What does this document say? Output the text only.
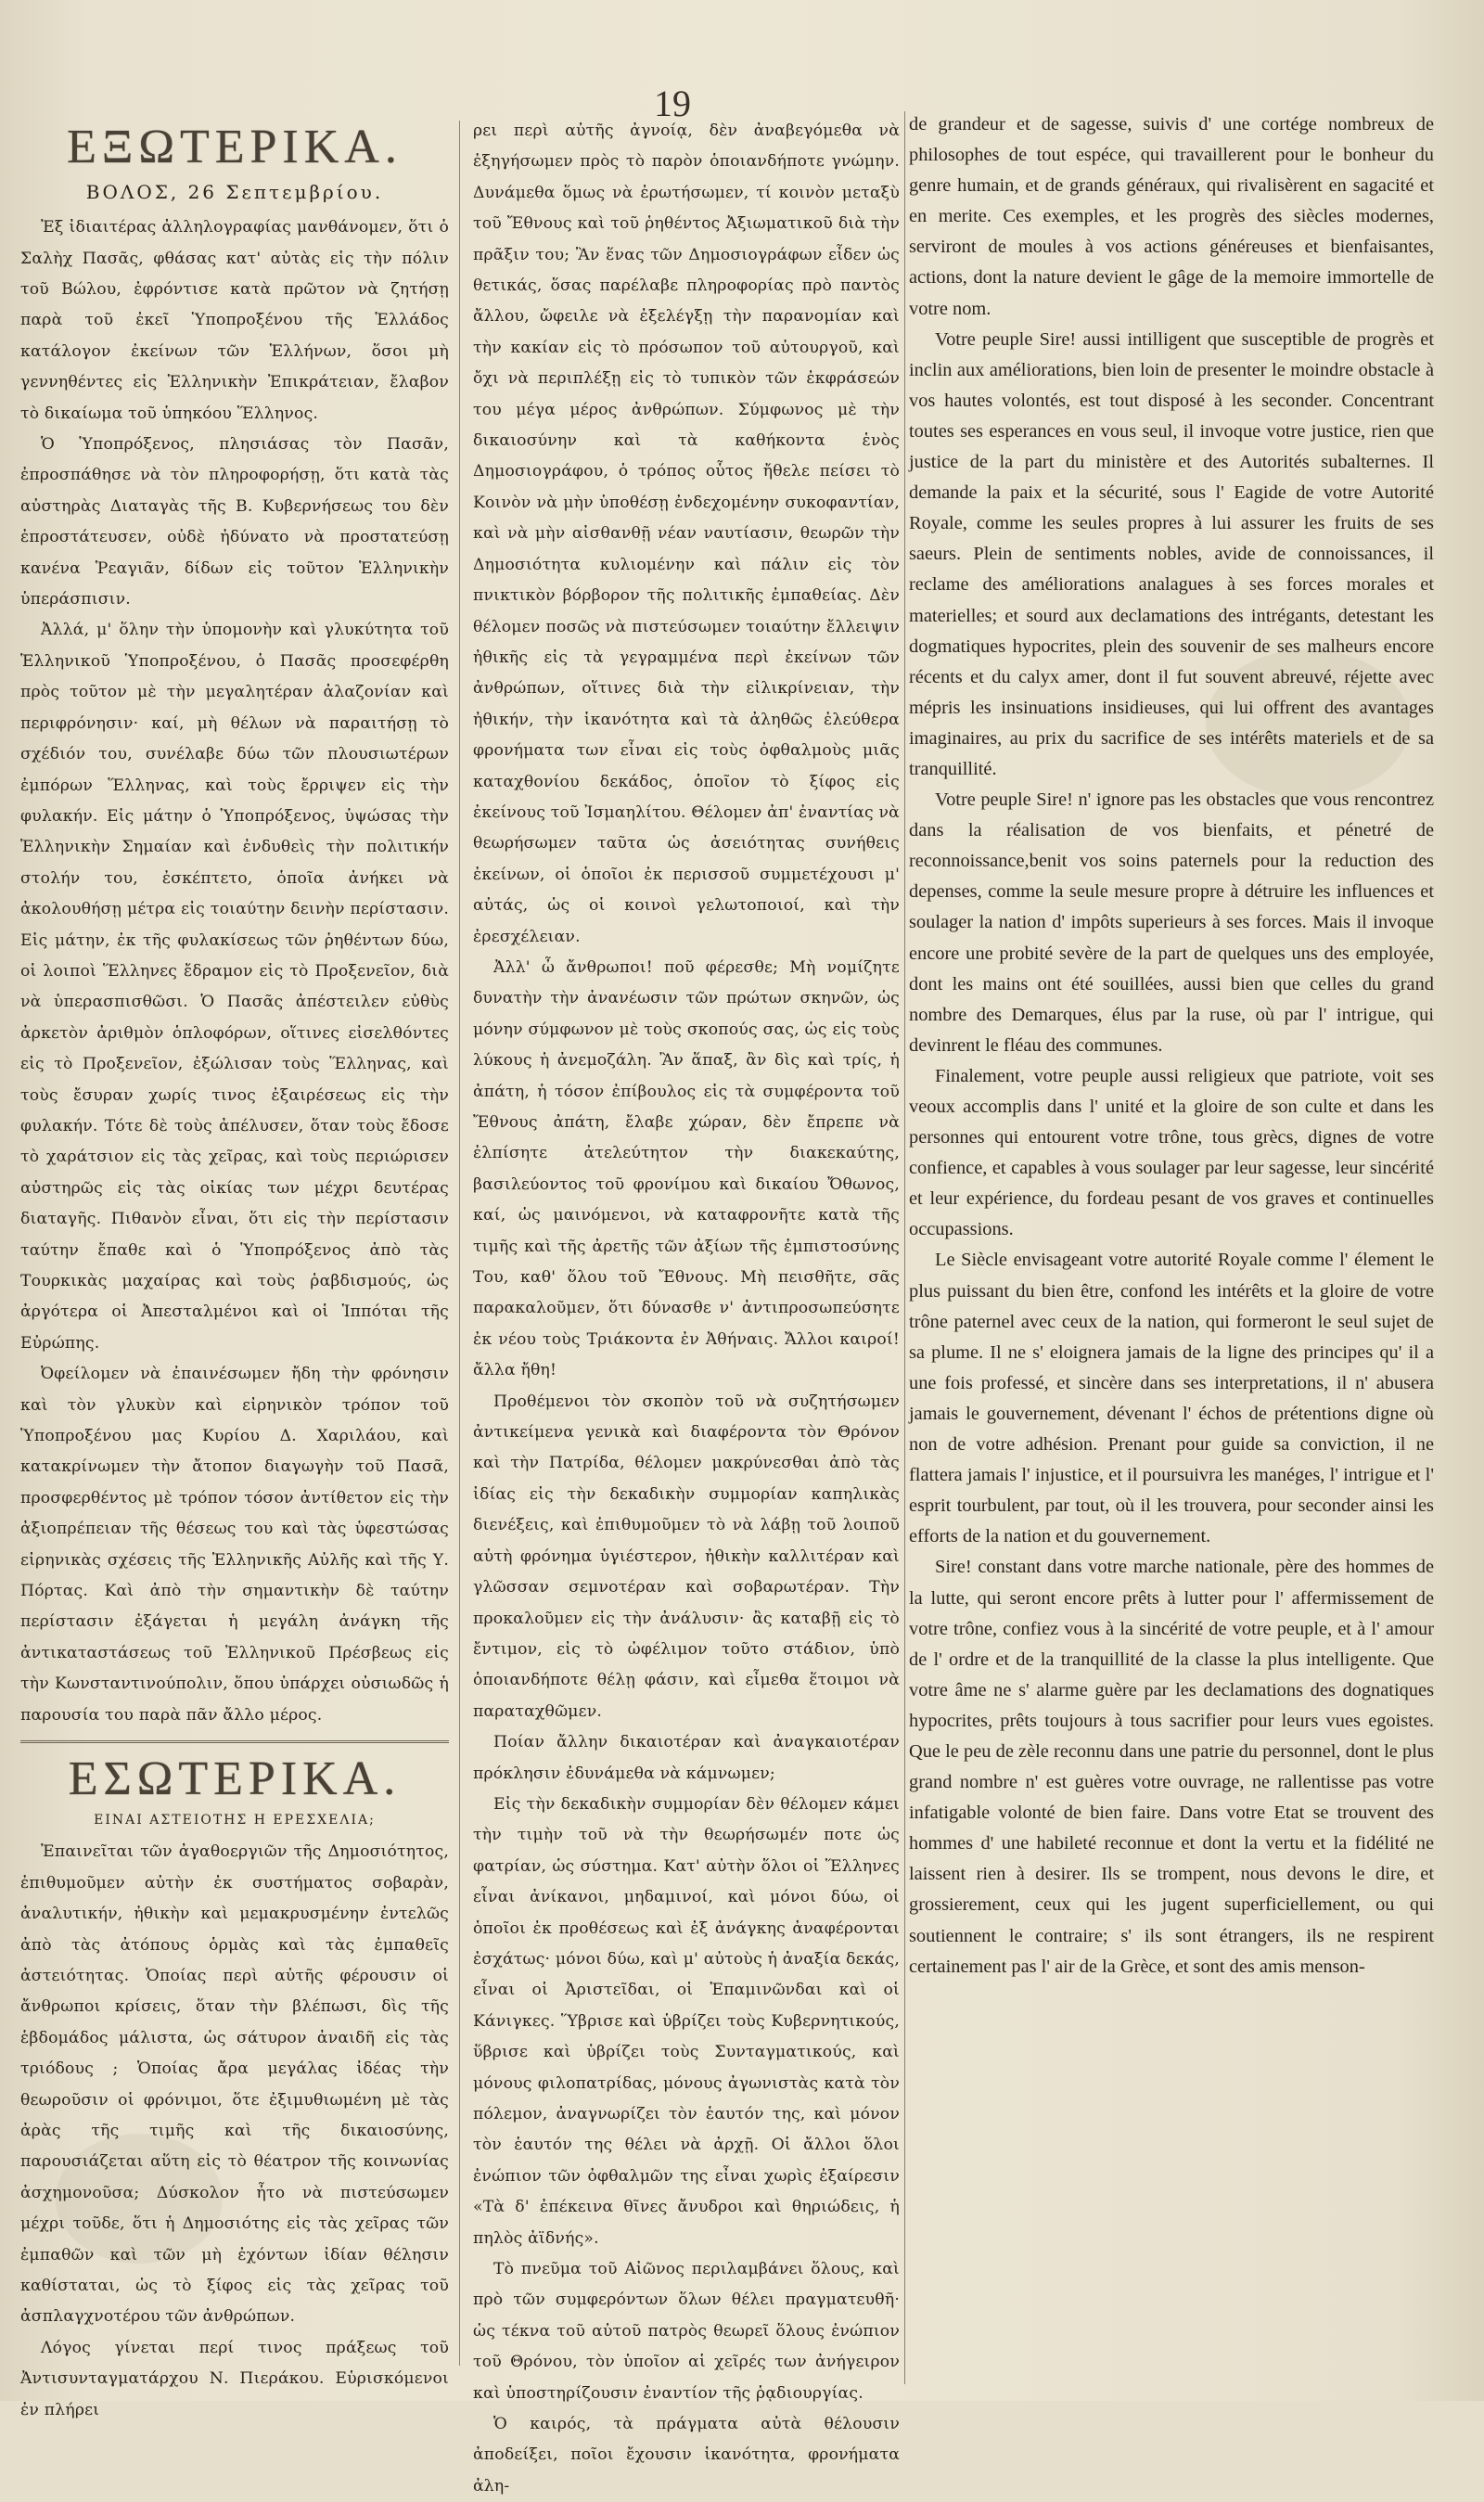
19
ΕΞΩΤΕΡΙΚΑ.
ΒΟΛΟΣ, 26 Σεπτεμβρίου.

Ἐξ ἰδιαιτέρας ἀλληλογραφίας μανθάνομεν, ὅτι ὁ Σαλὴχ Πασᾶς, φθάσας κατ' αὐτὰς εἰς τὴν πόλιν τοῦ Βώλου, ἐφρόντισε κατὰ πρῶτον νὰ ζητήσῃ παρὰ τοῦ ἐκεῖ Ὑποπροξένου τῆς Ἑλλάδος κατάλογον ἐκείνων τῶν Ἑλλήνων, ὅσοι μὴ γεννηθέντες εἰς Ἑλληνικὴν Ἐπικράτειαν, ἔλαβον τὸ δικαίωμα τοῦ ὑπηκόου Ἕλληνος.

Ὁ Ὑποπρόξενος, πλησιάσας τὸν Πασᾶν, ἐπροσπάθησε νὰ τὸν πληροφορήσῃ, ὅτι κατὰ τὰς αὐστηρὰς Διαταγὰς τῆς Β. Κυβερνήσεως του δὲν ἐπροστάτευσεν, οὐδὲ ἠδύνατο νὰ προστατεύσῃ κανένα Ῥεαγιᾶν, δίδων εἰς τοῦτον Ἑλληνικὴν ὑπεράσπισιν.

Ἀλλά, μ' ὅλην τὴν ὑπομονὴν καὶ γλυκύτητα τοῦ Ἑλληνικοῦ Ὑποπροξένου, ὁ Πασᾶς προσεφέρθη πρὸς τοῦτον μὲ τὴν μεγαλητέραν ἀλαζονίαν καὶ περιφρόνησιν· καί, μὴ θέλων νὰ παραιτήσῃ τὸ σχέδιόν του, συνέλαβε δύω τῶν πλουσιωτέρων ἐμπόρων Ἕλληνας, καὶ τοὺς ἔρριψεν εἰς τὴν φυλακήν. Εἰς μάτην ὁ Ὑποπρόξενος, ὑψώσας τὴν Ἑλληνικὴν Σημαίαν καὶ ἐνδυθεὶς τὴν πολιτικήν στολήν του, ἐσκέπτετο, ὁποῖα ἀνήκει νὰ ἀκολουθήσῃ μέτρα εἰς τοιαύτην δεινὴν περίστασιν. Εἰς μάτην, ἐκ τῆς φυλακίσεως τῶν ῥηθέντων δύω, οἱ λοιποὶ Ἕλληνες ἔδραμον εἰς τὸ Προξενεῖον, διὰ νὰ ὑπερασπισθῶσι. Ὁ Πασᾶς ἀπέστειλεν εὐθὺς ἀρκετὸν ἀριθμὸν ὁπλοφόρων, οἵτινες εἰσελθόντες εἰς τὸ Προξενεῖον, ἐξώλισαν τοὺς Ἕλληνας, καὶ τοὺς ἔσυραν χωρίς τινος ἐξαιρέσεως εἰς τὴν φυλακήν. Τότε δὲ τοὺς ἀπέλυσεν, ὅταν τοὺς ἔδοσε τὸ χαράτσιον εἰς τὰς χεῖρας, καὶ τοὺς περιώρισεν αὐστηρῶς εἰς τὰς οἰκίας των μέχρι δευτέρας διαταγῆς. Πιθανὸν εἶναι, ὅτι εἰς τὴν περίστασιν ταύτην ἔπαθε καὶ ὁ Ὑποπρόξενος ἀπὸ τὰς Τουρκικὰς μαχαίρας καὶ τοὺς ῥαβδισμούς, ὡς ἀργότερα οἱ Ἀπεσταλμένοι καὶ οἱ Ἱππόται τῆς Εὐρώπης.

Ὀφείλομεν νὰ ἐπαινέσωμεν ἤδη τὴν φρόνησιν καὶ τὸν γλυκὺν καὶ εἰρηνικὸν τρόπον τοῦ Ὑποπροξένου μας Κυρίου Δ. Χαριλάου, καὶ κατακρίνωμεν τὴν ἄτοπον διαγωγὴν τοῦ Πασᾶ, προσφερθέντος μὲ τρόπον τόσον ἀντίθετον εἰς τὴν ἀξιοπρέπειαν τῆς θέσεως του καὶ τὰς ὑφεστώσας εἰρηνικὰς σχέσεις τῆς Ἑλληνικῆς Αὐλῆς καὶ τῆς Υ. Πόρτας. Καὶ ἀπὸ τὴν σημαντικὴν δὲ ταύτην περίστασιν ἐξάγεται ἡ μεγάλη ἀνάγκη τῆς ἀντικαταστάσεως τοῦ Ἑλληνικοῦ Πρέσβεως εἰς τὴν Κωνσταντινούπολιν, ὅπου ὑπάρχει οὐσιωδῶς ἡ παρουσία του παρὰ πᾶν ἄλλο μέρος.

ΕΣΩΤΕΡΙΚΑ.
ΕΙΝΑΙ ΑΣΤΕΙΟΤΗΣ Η ΕΡΕΣΧΕΛΙΑ;

Ἐπαινεῖται τῶν ἀγαθοεργιῶν τῆς Δημοσιότητος, ἐπιθυμοῦμεν αὐτὴν ἐκ συστήματος σοβαρὰν, ἀναλυτικήν, ἠθικὴν καὶ μεμακρυσμένην ἐντελῶς ἀπὸ τὰς ἀτόπους ὁρμὰς καὶ τὰς ἐμπαθεῖς ἀστειότητας. Ὁποίας περὶ αὐτῆς φέρουσιν οἱ ἄνθρωποι κρίσεις, ὅταν τὴν βλέπωσι, δὶς τῆς ἑβδομάδος μάλιστα, ὡς σάτυρον ἀναιδῆ εἰς τὰς τριόδους ; Ὁποίας ἄρα μεγάλας ἰδέας τὴν θεωροῦσιν οἱ φρόνιμοι, ὅτε ἐξιμυθιωμένη μὲ τὰς ἀρὰς τῆς τιμῆς καὶ τῆς δικαιοσύνης, παρουσιάζεται αὕτη εἰς τὸ θέατρον τῆς κοινωνίας ἀσχημονοῦσα; Δύσκολον ἦτο νὰ πιστεύσωμεν μέχρι τοῦδε, ὅτι ἡ Δημοσιότης εἰς τὰς χεῖρας τῶν ἐμπαθῶν καὶ τῶν μὴ ἐχόντων ἰδίαν θέλησιν καθίσταται, ὡς τὸ ξίφος εἰς τὰς χεῖρας τοῦ ἀσπλαγχνοτέρου τῶν ἀνθρώπων.

Λόγος γίνεται περί τινος πράξεως τοῦ Ἀντισυνταγματάρχου Ν. Πιεράκου. Εὑρισκόμενοι ἐν πλήρει

ρει περὶ αὐτῆς ἀγνοίᾳ, δὲν ἀναβεγόμεθα νὰ ἐξηγήσωμεν πρὸς τὸ παρὸν ὁποιανδήποτε γνώμην. Δυνάμεθα ὅμως νὰ ἐρωτήσωμεν, τί κοινὸν μεταξὺ τοῦ Ἔθνους καὶ τοῦ ῥηθέντος Ἀξιωματικοῦ διὰ τὴν πρᾶξιν του; Ἂν ἕνας τῶν Δημοσιογράφων εἶδεν ὡς θετικάς, ὅσας παρέλαβε πληροφορίας πρὸ παντὸς ἄλλου, ὤφειλε νὰ ἐξελέγξῃ τὴν παρανομίαν καὶ τὴν κακίαν εἰς τὸ πρόσωπον τοῦ αὐτουργοῦ, καὶ ὄχι νὰ περιπλέξῃ εἰς τὸ τυπικὸν τῶν ἐκφράσεών του μέγα μέρος ἀνθρώπων. Σύμφωνος μὲ τὴν δικαιοσύνην καὶ τὰ καθήκοντα ἑνὸς Δημοσιογράφου, ὁ τρόπος οὗτος ἤθελε πείσει τὸ Κοινὸν νὰ μὴν ὑποθέσῃ ἐνδεχομένην συκοφαντίαν, καὶ νὰ μὴν αἰσθανθῇ νέαν ναυτίασιν, θεωρῶν τὴν Δημοσιότητα κυλιομένην καὶ πάλιν εἰς τὸν πνικτικὸν βόρβορον τῆς πολιτικῆς ἐμπαθείας. Δὲν θέλομεν ποσῶς νὰ πιστεύσωμεν τοιαύτην ἔλλειψιν ἠθικῆς εἰς τὰ γεγραμμένα περὶ ἐκείνων τῶν ἀνθρώπων, οἵτινες διὰ τὴν εἰλικρίνειαν, τὴν ἠθικήν, τὴν ἱκανότητα καὶ τὰ ἀληθῶς ἐλεύθερα φρονήματα των εἶναι εἰς τοὺς ὀφθαλμοὺς μιᾶς καταχθονίου δεκάδος, ὁποῖον τὸ ξίφος εἰς ἐκείνους τοῦ Ἰσμαηλίτου. Θέλομεν ἀπ' ἐναντίας νὰ θεωρήσωμεν ταῦτα ὡς ἀσειότητας συνήθεις ἐκείνων, οἱ ὁποῖοι ἐκ περισσοῦ συμμετέχουσι μ' αὐτάς, ὡς οἱ κοινοὶ γελωτοποιοί, καὶ τὴν ἐρεσχέλειαν.

Ἀλλ' ὦ ἄνθρωποι! ποῦ φέρεσθε; Μὴ νομίζητε δυνατὴν τὴν ἀνανέωσιν τῶν πρώτων σκηνῶν, ὡς μόνην σύμφωνον μὲ τοὺς σκοπούς σας, ὡς εἰς τοὺς λύκους ἡ ἀνεμοζάλη. Ἂν ἅπαξ, ἂν δὶς καὶ τρίς, ἡ ἀπάτη, ἡ τόσον ἐπίβουλος εἰς τὰ συμφέροντα τοῦ Ἔθνους ἀπάτη, ἔλαβε χώραν, δὲν ἔπρεπε νὰ ἐλπίσητε ἀτελεύτητον τὴν διακεκαύτης, βασιλεύοντος τοῦ φρονίμου καὶ δικαίου Ὄθωνος, καί, ὡς μαινόμενοι, νὰ καταφρονῆτε κατὰ τῆς τιμῆς καὶ τῆς ἀρετῆς τῶν ἀξίων τῆς ἐμπιστοσύνης Του, καθ' ὅλου τοῦ Ἔθνους. Μὴ πεισθῆτε, σᾶς παρακαλοῦμεν, ὅτι δύνασθε ν' ἀντιπροσωπεύσητε ἐκ νέου τοὺς Τριάκοντα ἐν Ἀθήναις. Ἄλλοι καιροί! ἄλλα ἤθη!

Προθέμενοι τὸν σκοπὸν τοῦ νὰ συζητήσωμεν ἀντικείμενα γενικὰ καὶ διαφέροντα τὸν Θρόνον καὶ τὴν Πατρίδα, θέλομεν μακρύνεσθαι ἀπὸ τὰς ἰδίας εἰς τὴν δεκαδικὴν συμμορίαν καπηλικὰς διενέξεις, καὶ ἐπιθυμοῦμεν τὸ νὰ λάβῃ τοῦ λοιποῦ αὐτὴ φρόνημα ὑγιέστερον, ἠθικὴν καλλιτέραν καὶ γλῶσσαν σεμνοτέραν καὶ σοβαρωτέραν. Τὴν προκαλοῦμεν εἰς τὴν ἀνάλυσιν· ἂς καταβῇ εἰς τὸ ἔντιμον, εἰς τὸ ὠφέλιμον τοῦτο στάδιον, ὑπὸ ὁποιανδήποτε θέλῃ φάσιν, καὶ εἶμεθα ἕτοιμοι νὰ παραταχθῶμεν.

Ποίαν ἄλλην δικαιοτέραν καὶ ἀναγκαιοτέραν πρόκλησιν ἐδυνάμεθα νὰ κάμνωμεν;

Εἰς τὴν δεκαδικὴν συμμορίαν δὲν θέλομεν κάμει τὴν τιμὴν τοῦ νὰ τὴν θεωρήσωμέν ποτε ὡς φατρίαν, ὡς σύστημα. Κατ' αὐτὴν ὅλοι οἱ Ἕλληνες εἶναι ἀνίκανοι, μηδαμινοί, καὶ μόνοι δύω, οἱ ὁποῖοι ἐκ προθέσεως καὶ ἐξ ἀνάγκης ἀναφέρονται ἐσχάτως· μόνοι δύω, καὶ μ' αὐτοὺς ἡ ἀναξία δεκάς, εἶναι οἱ Ἀριστεῖδαι, οἱ Ἐπαμινῶνδαι καὶ οἱ Κάνιγκες. Ὕβρισε καὶ ὑβρίζει τοὺς Κυβερνητικούς, ὕβρισε καὶ ὑβρίζει τοὺς Συνταγματικούς, καὶ μόνους φιλοπατρίδας, μόνους ἀγωνιστὰς κατὰ τὸν πόλεμον, ἀναγνωρίζει τὸν ἑαυτόν της, καὶ μόνον τὸν ἑαυτόν της θέλει νὰ ἀρχῇ. Οἱ ἄλλοι ὅλοι ἐνώπιον τῶν ὀφθαλμῶν της εἶναι χωρὶς ἐξαίρεσιν «Τὰ δ' ἐπέκεινα θῖνες ἄνυδροι καὶ θηριώδεις, ἡ πηλὸς ἀϊδνής».

Τὸ πνεῦμα τοῦ Αἰῶνος περιλαμβάνει ὅλους, καὶ πρὸ τῶν συμφερόντων ὅλων θέλει πραγματευθῆ· ὡς τέκνα τοῦ αὐτοῦ πατρὸς θεωρεῖ ὅλους ἐνώπιον τοῦ Θρόνου, τὸν ὑποῖον αἱ χεῖρές των ἀνήγειρον καὶ ὑποστηρίζουσιν ἐναντίον τῆς ῥᾳδιουργίας.

Ὁ καιρός, τὰ πράγματα αὐτὰ θέλουσιν ἀποδείξει, ποῖοι ἔχουσιν ἱκανότητα, φρονήματα ἀλη-

de grandeur et de sagesse, suivis d' une cortége nombreux de philosophes de tout espéce, qui travaillerent pour le bonheur du genre humain, et de grands généraux, qui rivalisèrent en sagacité et en merite. Ces exemples, et les progrès des siècles modernes, serviront de moules à vos actions généreuses et bienfaisantes, actions, dont la nature devient le gâge de la memoire immortelle de votre nom.

Votre peuple Sire! aussi intilligent que susceptible de progrès et inclin aux améliorations, bien loin de presenter le moindre obstacle à vos hautes volontés, est tout disposé à les seconder. Concentrant toutes ses esperances en vous seul, il invoque votre justice, rien que justice de la part du ministère et des Autorités subalternes. Il demande la paix et la sécurité, sous l' Eagide de votre Autorité Royale, comme les seules propres à lui assurer les fruits de ses saeurs. Plein de sentiments nobles, avide de connoissances, il reclame des améliorations analagues à ses forces morales et materielles; et sourd aux declamations des intrégants, detestant les dogmatiques hypocrites, plein des souvenir de ses malheurs encore récents et du calyx amer, dont il fut souvent abreuvé, réjette avec mépris les insinuations insidieuses, qui lui offrent des avantages imaginaires, au prix du sacrifice de ses intérêts materiels et de sa tranquillité.

Votre peuple Sire! n' ignore pas les obstacles que vous rencontrez dans la réalisation de vos bienfaits, et pénetré de reconnoissance,benit vos soins paternels pour la reduction des depenses, comme la seule mesure propre à détruire les influences et soulager la nation d' impôts superieurs à ses forces. Mais il invoque encore une probité sevère de la part de quelques uns des employée, dont les mains ont été souillées, aussi bien que celles du grand nombre des Demarques, élus par la ruse, où par l' intrigue, qui devinrent le fléau des communes.

Finalement, votre peuple aussi religieux que patriote, voit ses veoux accomplis dans l' unité et la gloire de son culte et dans les personnes qui entourent votre trône, tous grècs, dignes de votre confience, et capables à vous soulager par leur sagesse, leur sincérité et leur expérience, du fordeau pesant de vos graves et continuelles occupassions.

Le Siècle envisageant votre autorité Royale comme l' élement le plus puissant du bien être, confond les intérêts et la gloire de votre trône paternel avec ceux de la nation, qui formeront le seul sujet de sa plume. Il ne s' eloignera jamais de la ligne des principes qu' il a une fois professé, et sincère dans ses interpretations, il n' abusera jamais le gouvernement, dévenant l' échos de prétentions digne où non de votre adhésion. Prenant pour guide sa conviction, il ne flattera jamais l' injustice, et il poursuivra les manéges, l' intrigue et l' esprit tourbulent, par tout, où il les trouvera, pour seconder ainsi les efforts de la nation et du gouvernement.

Sire! constant dans votre marche nationale, père des hommes de la lutte, qui seront encore prêts à lutter pour l' affermissement de votre trône, confiez vous à la sincérité de votre peuple, et à l' amour de l' ordre et de la tranquillité de la classe la plus intelligente. Que votre âme ne s' alarme guère par les declamations des dognatiques hypocrites, prêts toujours à tous sacrifier pour leurs vues egoistes. Que le peu de zèle reconnu dans une patrie du personnel, dont le plus grand nombre n' est guères votre ouvrage, ne rallentisse pas votre infatigable volonté de bien faire. Dans votre Etat se trouvent des hommes d' une habileté reconnue et dont la vertu et la fidélité ne laissent rien à desirer. Ils se trompent, nous devons le dire, et grossierement, ceux qui les jugent superficiellement, ou qui soutiennent le contraire; s' ils sont étrangers, ils ne respirent certainement pas l' air de la Grèce, et sont des amis menson-
